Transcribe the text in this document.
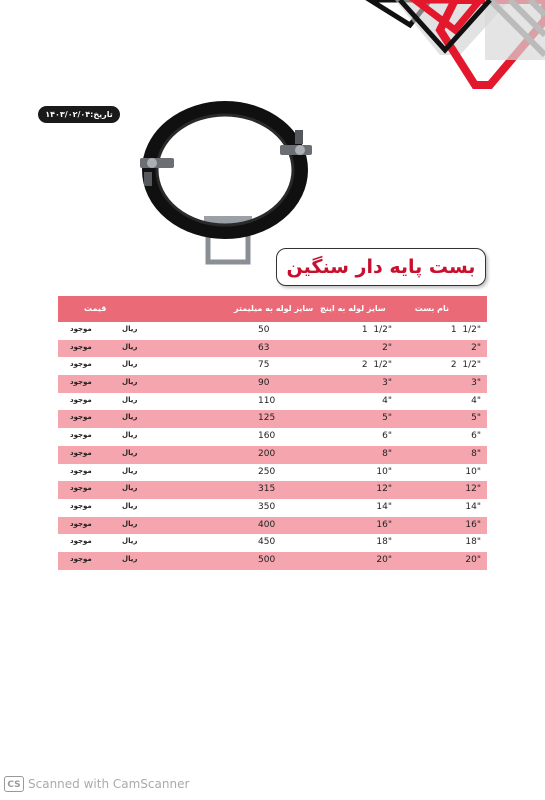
تاریخ:۱۴۰۳/۰۲/۰۴
بست پایه دار سنگین
نام بست
سایز لوله به اینچ
سایز لوله به میلیمتر
قیمت
1  1/2"
1  1/2"
50
ریال
موجود
2"
2"
63
ریال
موجود
2  1/2"
2  1/2"
75
ریال
موجود
3"
3"
90
ریال
موجود
4"
4"
110
ریال
موجود
5"
5"
125
ریال
موجود
6"
6"
160
ریال
موجود
8"
8"
200
ریال
موجود
10"
10"
250
ریال
موجود
12"
12"
315
ریال
موجود
14"
14"
350
ریال
موجود
16"
16"
400
ریال
موجود
18"
18"
450
ریال
موجود
20"
20"
500
ریال
موجود
CS Scanned with CamScanner
